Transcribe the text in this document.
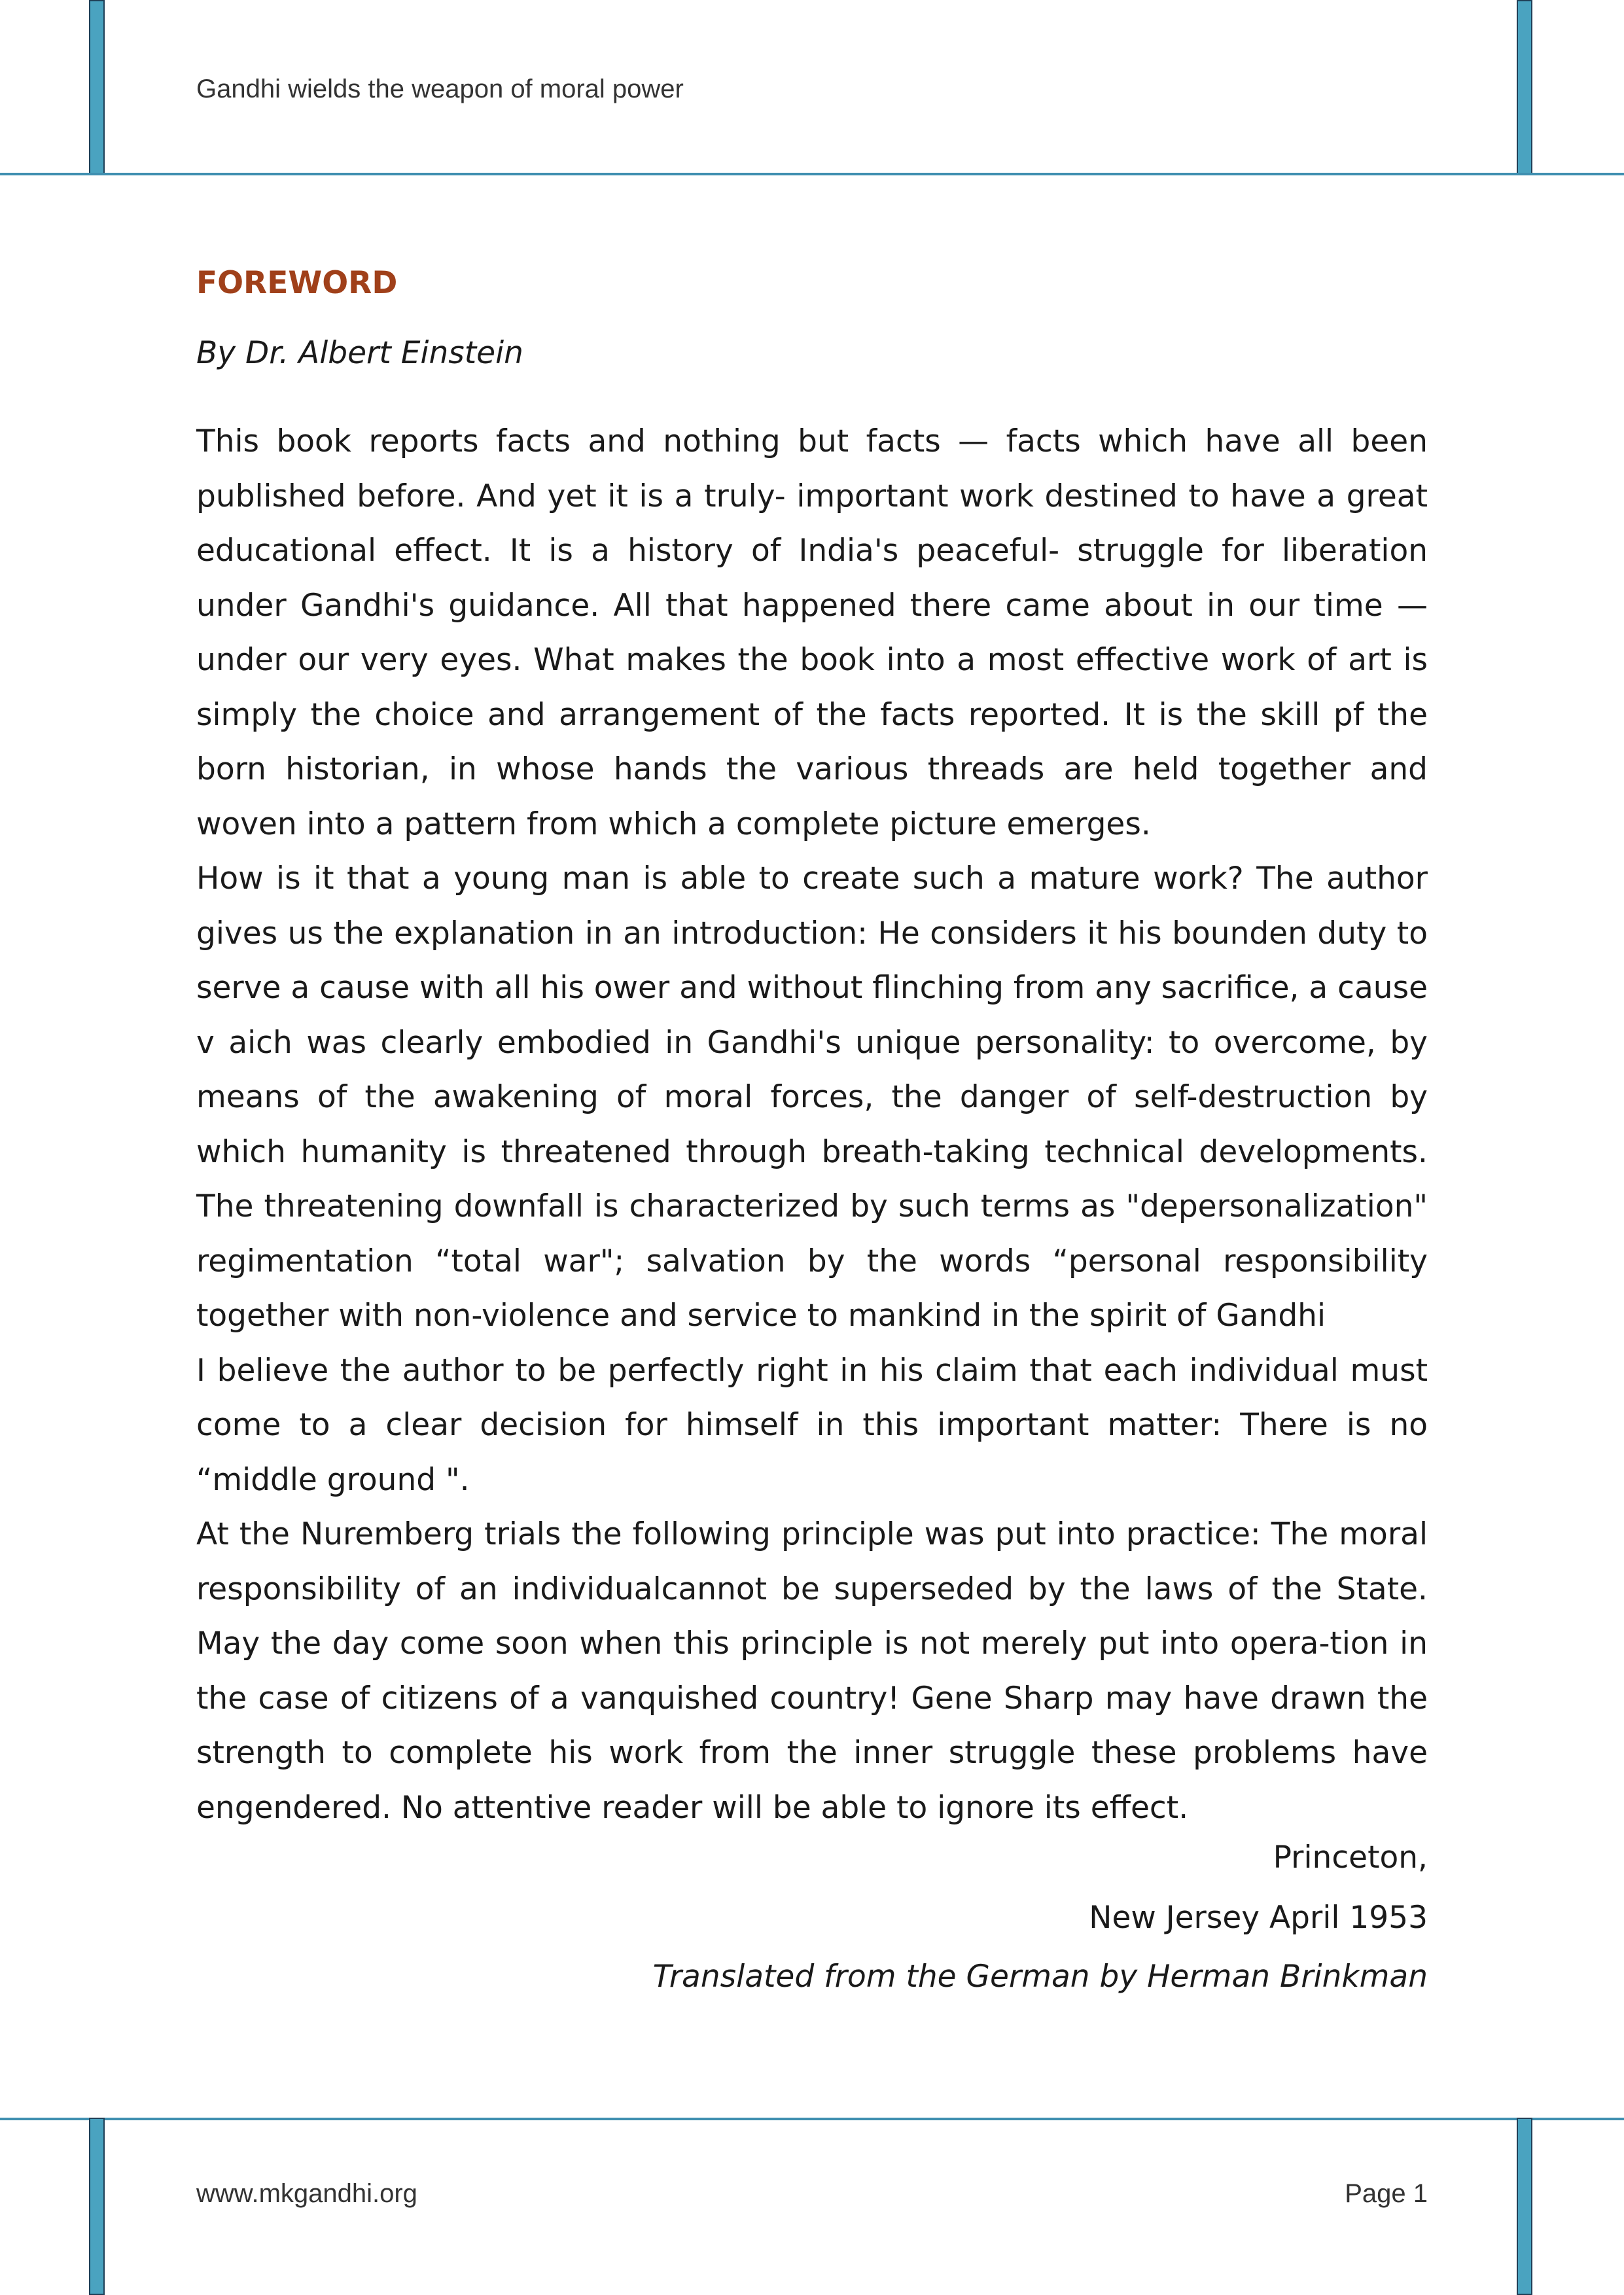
Gandhi wields the weapon of moral power
FOREWORD
By Dr. Albert Einstein

This book reports facts and nothing but facts — facts which have all been published before. And yet it is a truly- important work destined to have a great educational effect. It is a history of India's peaceful- struggle for liberation under Gandhi's guidance. All that happened there came about in our time — under our very eyes. What makes the book into a most effective work of art is simply the choice and arrangement of the facts reported. It is the skill pf the born historian, in whose hands the various threads are held together and woven into a pattern from which a complete picture emerges.

How is it that a young man is able to create such a mature work? The author gives us the explanation in an introduction: He considers it his bounden duty to serve a cause with all his ower and without flinching from any sacrifice, a cause v aich was clearly embodied in Gandhi's unique personality: to overcome, by means of the awakening of moral forces, the danger of self-destruction by which humanity is threatened through breath-taking technical developments. The threatening downfall is characterized by such terms as "depersonalization" regimentation “total war"; salvation by the words “personal responsibility together with non-violence and service to mankind in the spirit of Gandhi

I believe the author to be perfectly right in his claim that each individual must come to a clear decision for himself in this important matter: There is no “middle ground ".

At the Nuremberg trials the following principle was put into practice: The moral responsibility of an individualcannot be superseded by the laws of the State. May the day come soon when this principle is not merely put into opera-tion in the case of citizens of a vanquished country! Gene Sharp may have drawn the strength to complete his work from the inner struggle these problems have engendered. No attentive reader will be able to ignore its effect.

Princeton,
New Jersey April 1953
Translated from the German by Herman Brinkman
www.mkgandhi.org	Page 1
